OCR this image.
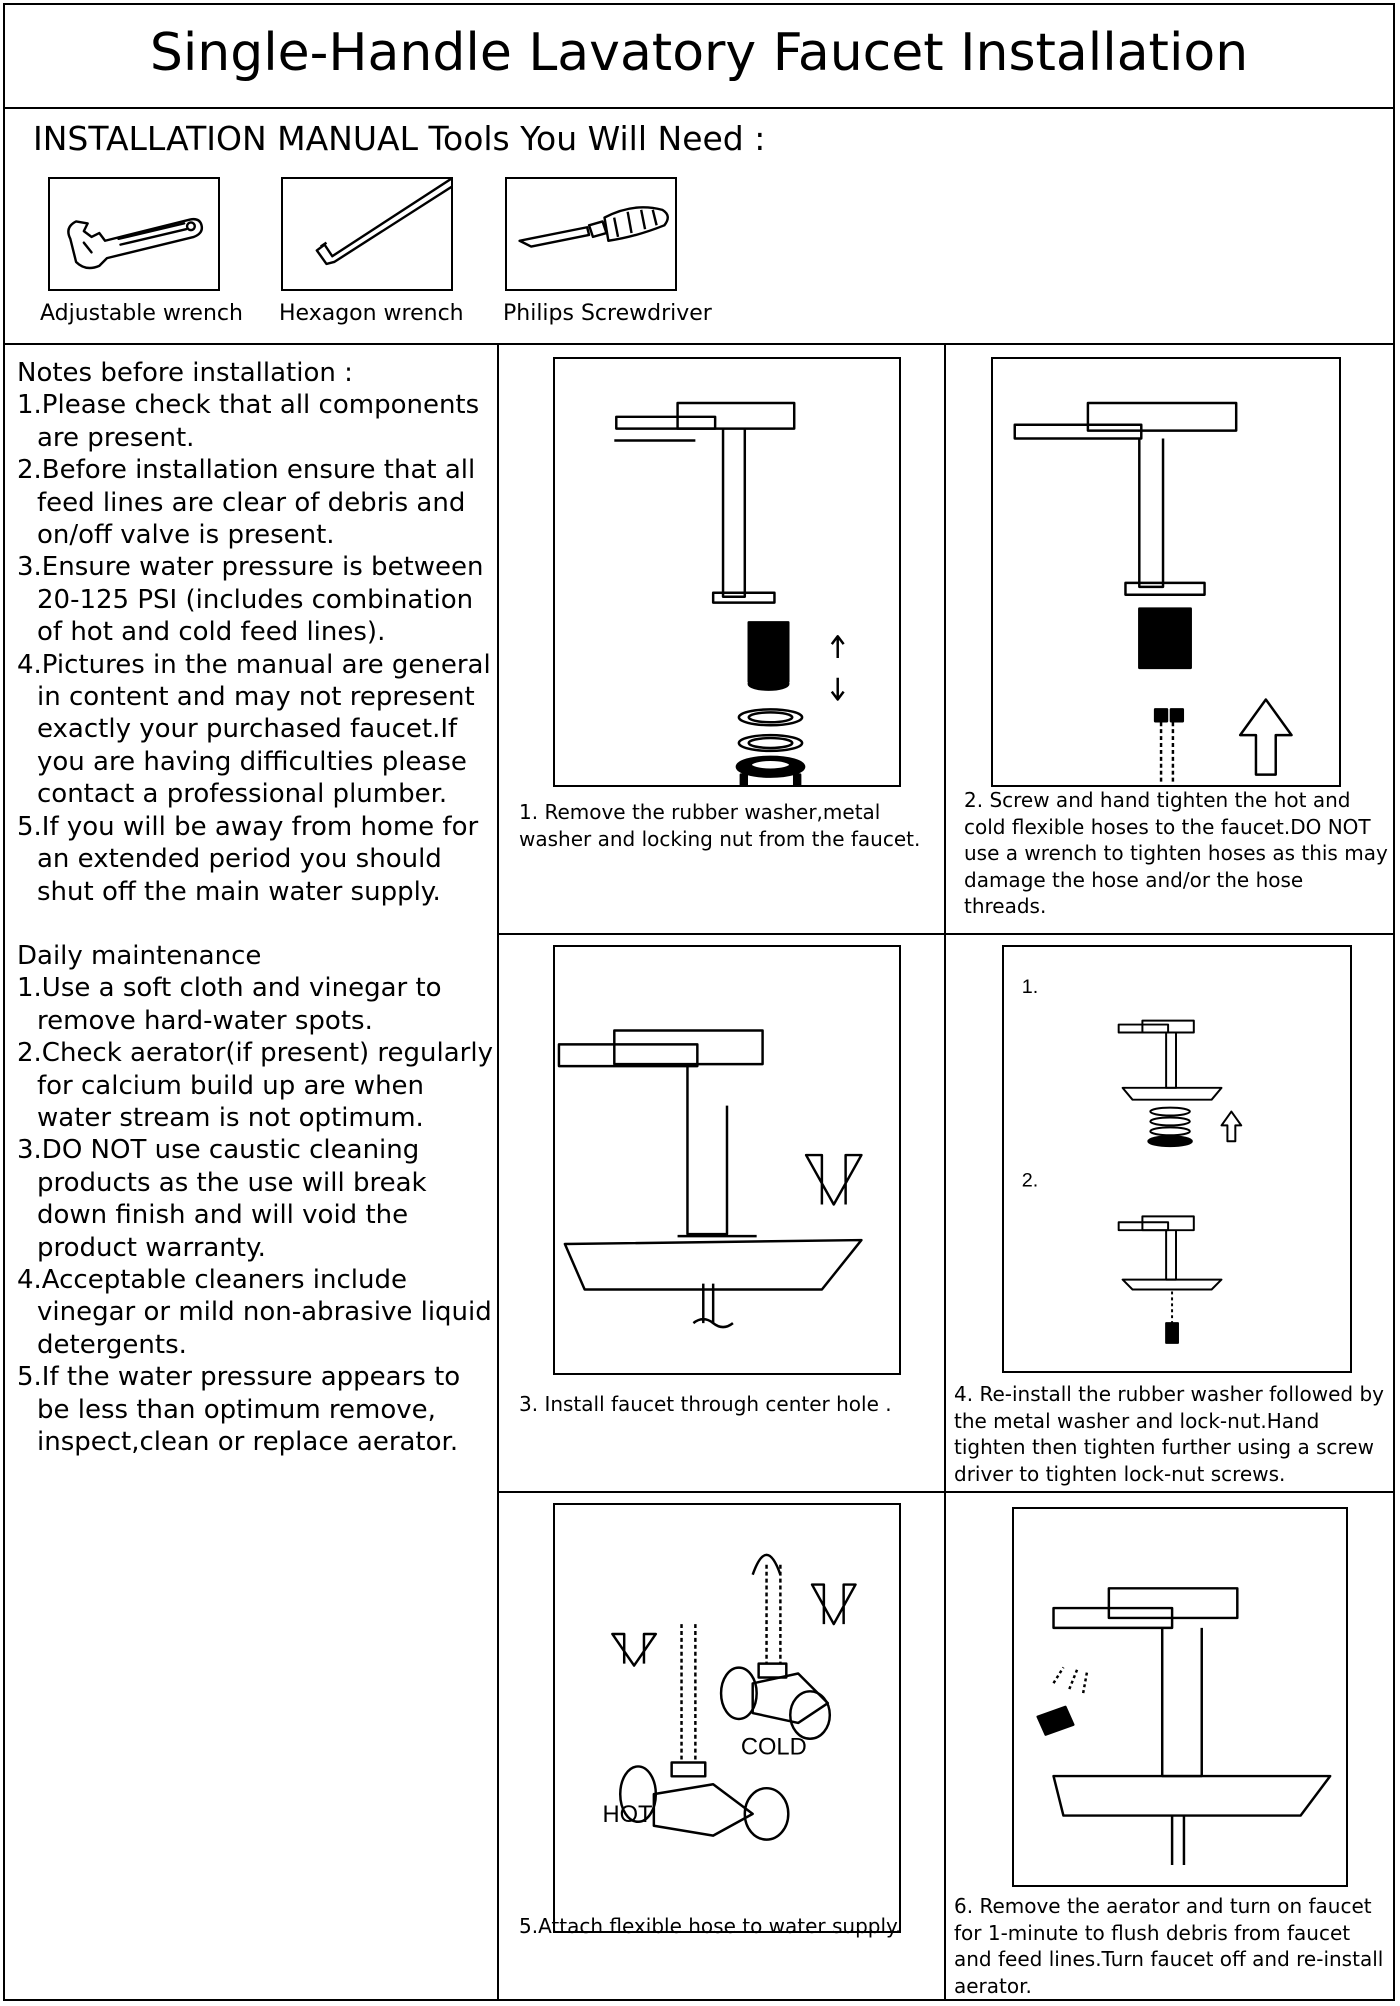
Single-Handle Lavatory Faucet Installation
INSTALLATION MANUAL Tools You Will Need :
Adjustable wrench Hexagon wrench Philips Screwdriver

Notes before installation :

1.Please check that all components are present.

2.Before installation ensure that all feed lines are clear of debris and on/off valve is present.

3.Ensure water pressure is between 20-125 PSI (includes combination of hot and cold feed lines).

4.Pictures in the manual are general in content and may not represent exactly your purchased faucet.If you are having difficulties please contact a professional plumber.

5.If you will be away from home for an extended period you should shut off the main water supply.

Daily maintenance

1.Use a soft cloth and vinegar to remove hard-water spots.

2.Check aerator(if present) regularly for calcium build up are when water stream is not optimum.

3.DO NOT use caustic cleaning products as the use will break down finish and will void the product warranty.

4.Acceptable cleaners include vinegar or mild non-abrasive liquid detergents.

5.If the water pressure appears to be less than optimum remove, inspect,clean or replace aerator.

1. Remove the rubber washer,metal washer and locking nut from the faucet.
2. Screw and hand tighten the hot and cold flexible hoses to the faucet.DO NOT use a wrench to tighten hoses as this may damage the hose and/or the hose threads.
3. Install faucet through center hole .
1.
2.
4. Re-install the rubber washer followed by the metal washer and lock-nut.Hand tighten then tighten further using a screw driver to tighten lock-nut screws.
COLD
HOT
5.Attach flexible hose to water supply.
6. Remove the aerator and turn on faucet for 1-minute to flush debris from faucet and feed lines.Turn faucet off and re-install aerator.
